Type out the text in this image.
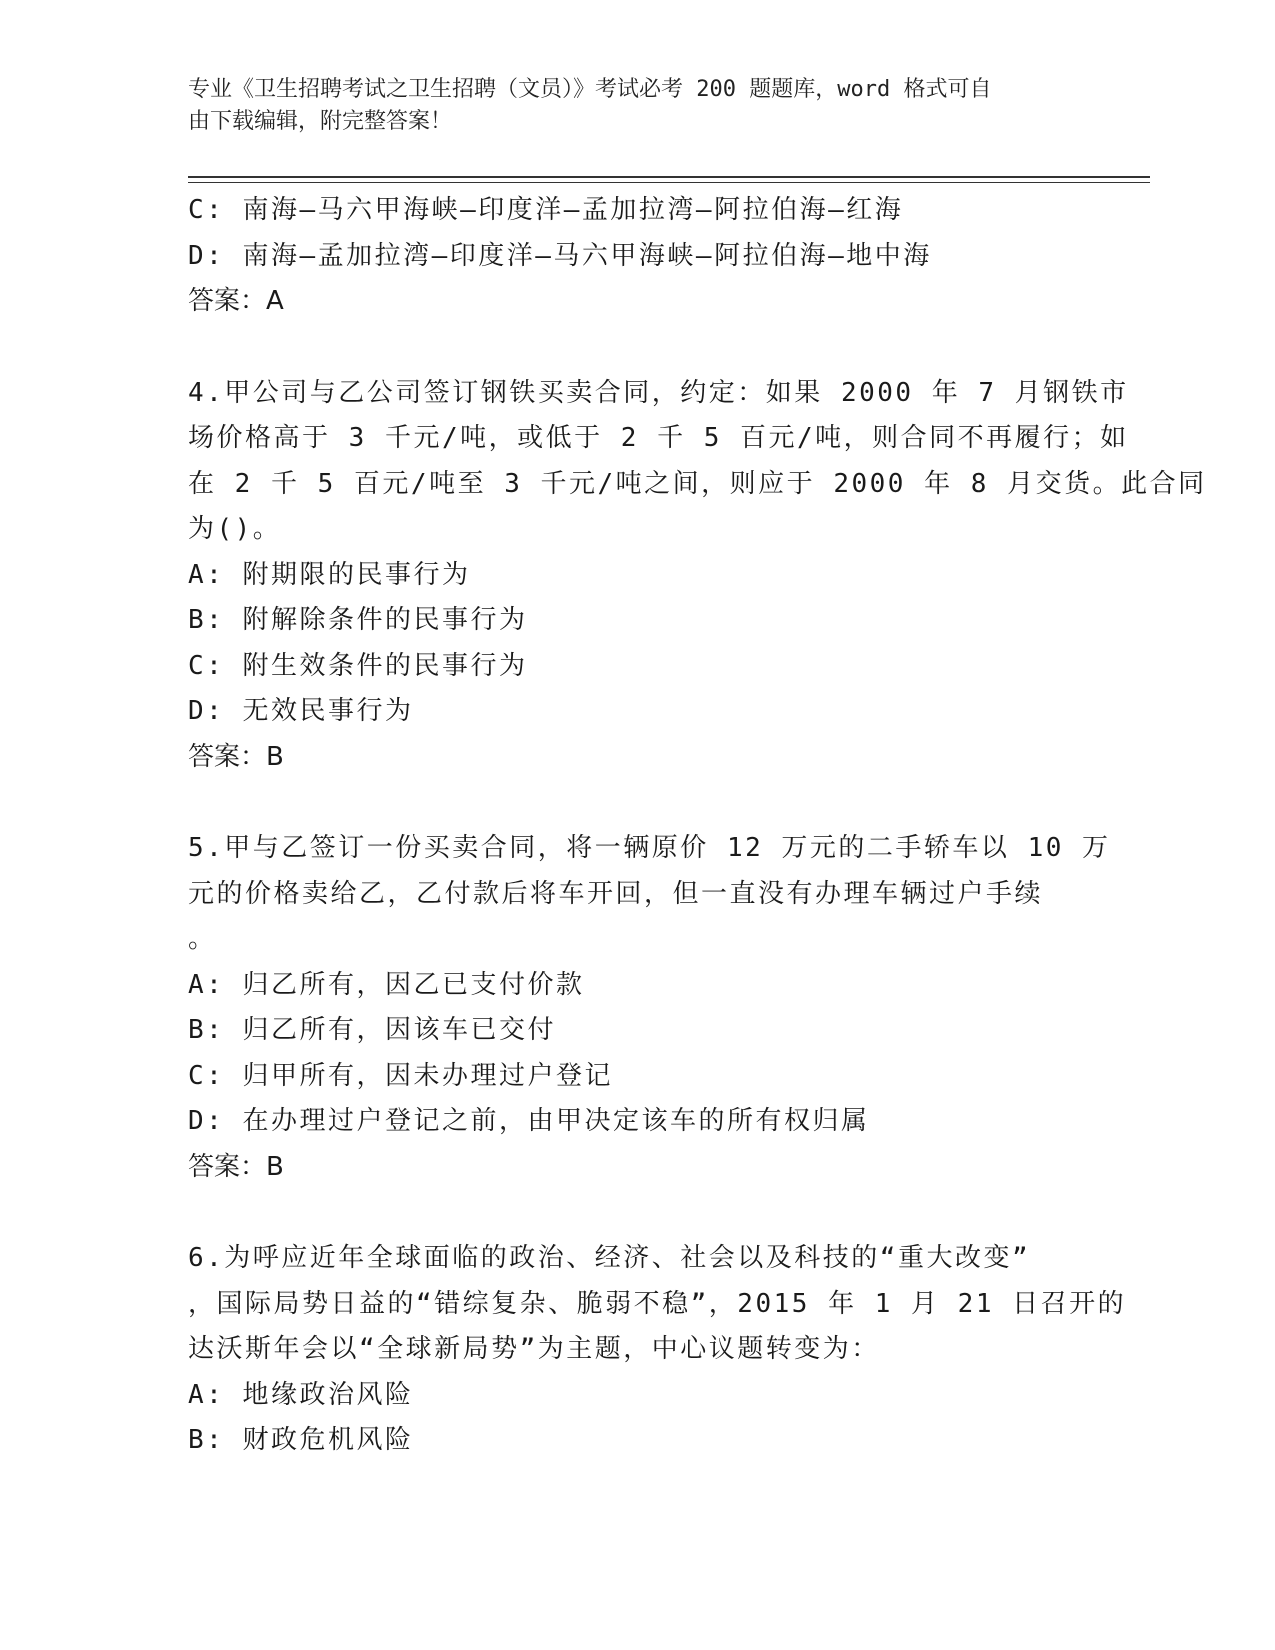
专业《卫生招聘考试之卫生招聘（文员）》考试必考 200 题题库，word 格式可自
由下载编辑，附完整答案！
C: 南海—马六甲海峡—印度洋—孟加拉湾—阿拉伯海—红海
D: 南海—孟加拉湾—印度洋—马六甲海峡—阿拉伯海—地中海
答案：A
4.甲公司与乙公司签订钢铁买卖合同，约定：如果 2000 年 7 月钢铁市
场价格高于 3 千元/吨，或低于 2 千 5 百元/吨，则合同不再履行；如
在 2 千 5 百元/吨至 3 千元/吨之间，则应于 2000 年 8 月交货。此合同
为()。
A: 附期限的民事行为
B: 附解除条件的民事行为
C: 附生效条件的民事行为
D: 无效民事行为
答案：B
5.甲与乙签订一份买卖合同，将一辆原价 12 万元的二手轿车以 10 万
元的价格卖给乙，乙付款后将车开回，但一直没有办理车辆过户手续
。
A: 归乙所有，因乙已支付价款
B: 归乙所有，因该车已交付
C: 归甲所有，因未办理过户登记
D: 在办理过户登记之前，由甲决定该车的所有权归属
答案：B
6.为呼应近年全球面临的政治、经济、社会以及科技的“重大改变”
，国际局势日益的“错综复杂、脆弱不稳”，2015 年 1 月 21 日召开的
达沃斯年会以“全球新局势”为主题，中心议题转变为：
A: 地缘政治风险
B: 财政危机风险
